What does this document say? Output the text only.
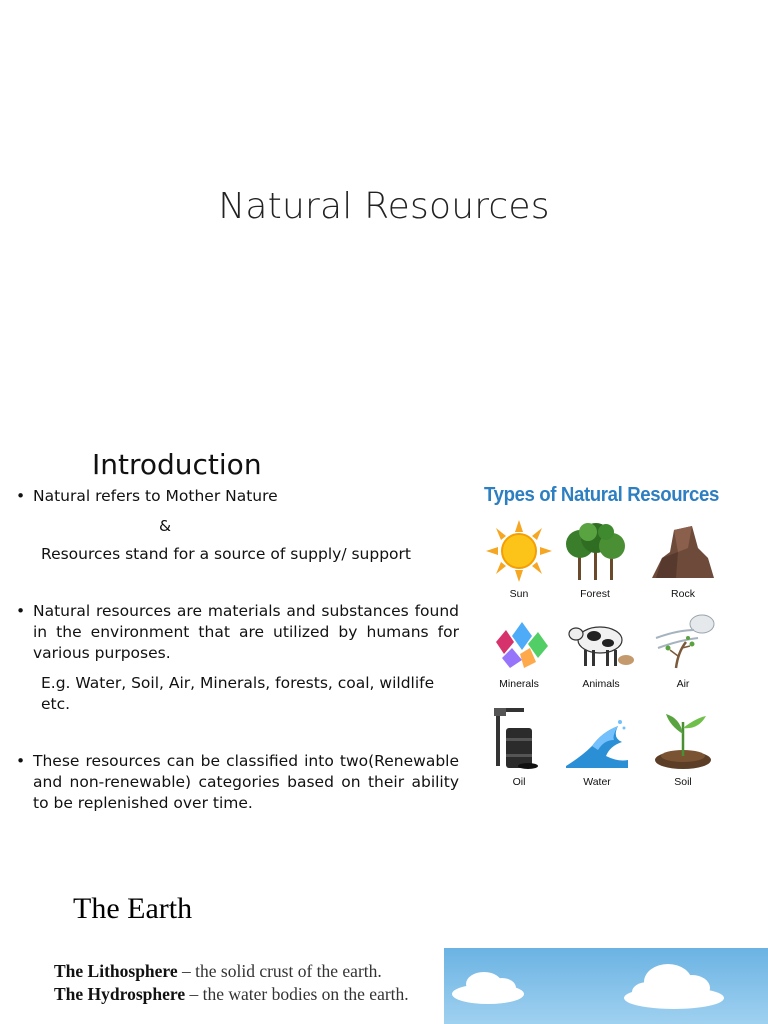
Natural Resources
Introduction
• Natural refers to Mother Nature
&
Resources stand for a source of supply/ support
• Natural resources are materials and substances found in the environment that are utilized by humans for various purposes.
E.g. Water, Soil, Air, Minerals, forests, coal, wildlife etc.
• These resources can be classified into two(Renewable and non-renewable) categories based on their ability to be replenished over time.
Types of Natural Resources
Sun	Forest	Rock
Minerals	Animals	Air
Oil	Water	Soil
The Earth
The Lithosphere – the solid crust of the earth.
The Hydrosphere – the water bodies on the earth.
